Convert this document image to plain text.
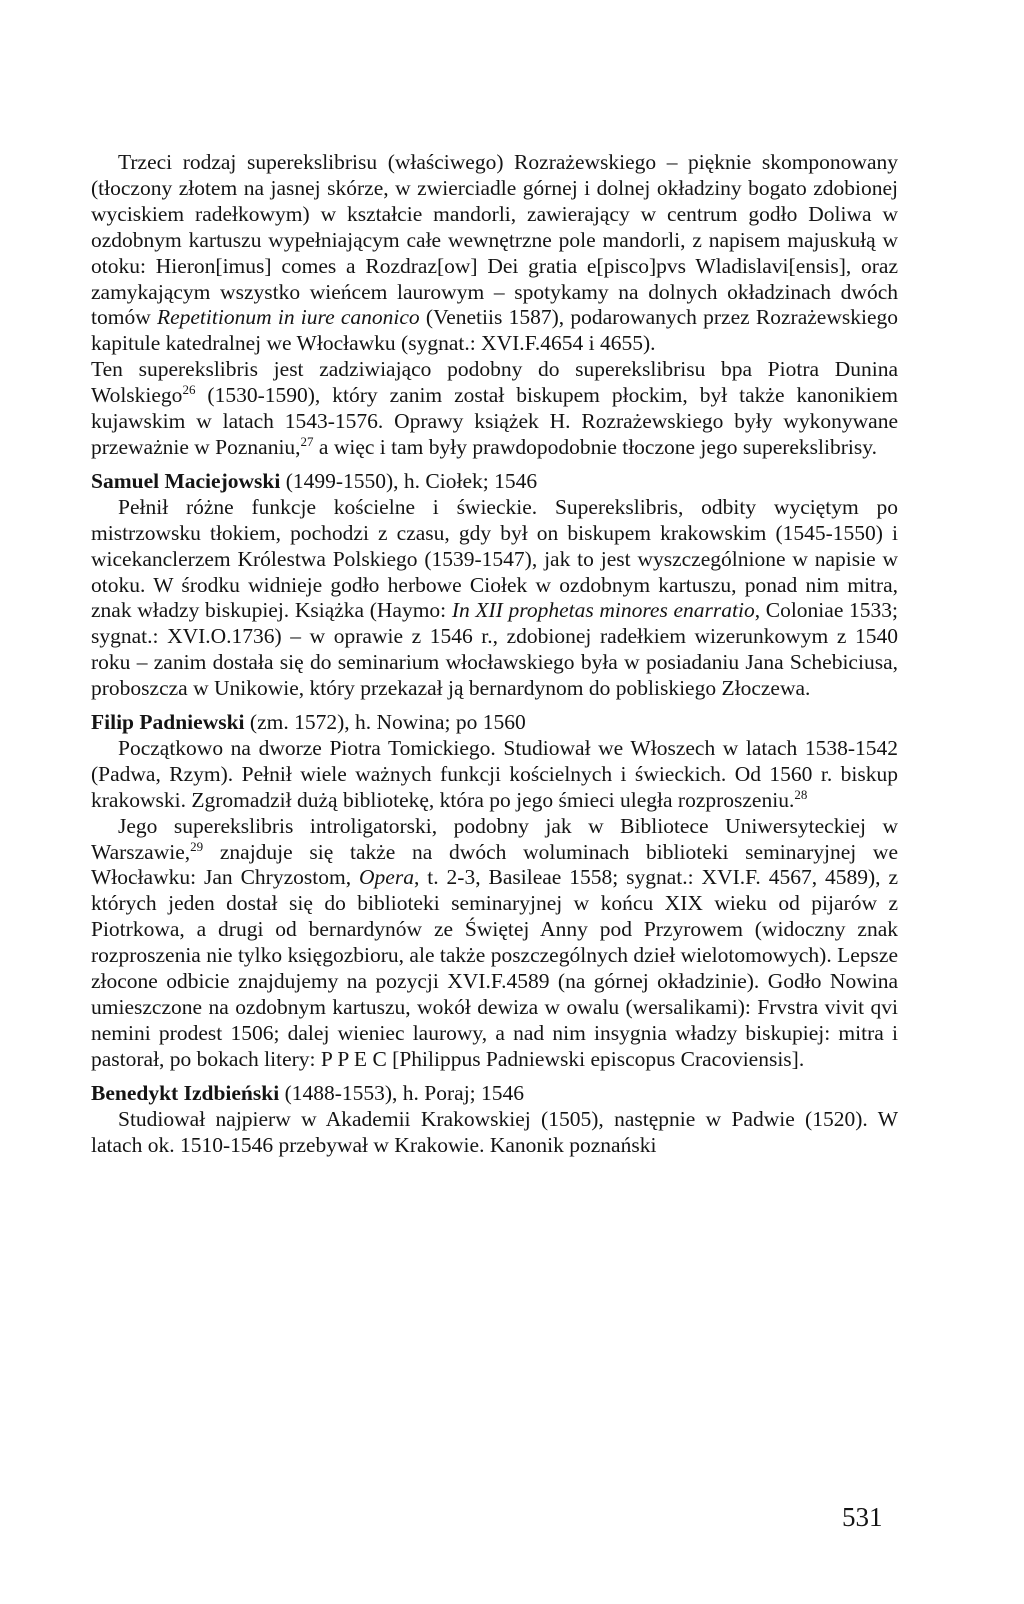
Trzeci rodzaj superekslibrisu (właściwego) Rozrażewskiego – pięknie skomponowany (tłoczony złotem na jasnej skórze, w zwierciadle górnej i dolnej okładziny bogato zdobionej wyciskiem radełkowym) w kształcie mandorli, zawierający w centrum godło Doliwa w ozdobnym kartuszu wypełniającym całe wewnętrzne pole mandorli, z napisem majuskułą w otoku: Hieron[imus] comes a Rozdraz[ow] Dei gratia e[pisco]pvs Wladislavi[ensis], oraz zamykającym wszystko wieńcem laurowym – spotykamy na dolnych okładzinach dwóch tomów Repetitionum in iure canonico (Venetiis 1587), podarowanych przez Rozrażewskiego kapitule katedralnej we Włocławku (sygnat.: XVI.F.4654 i 4655).

Ten superekslibris jest zadziwiająco podobny do superekslibrisu bpa Piotra Dunina Wolskiego$^{26}$ (1530-1590), który zanim został biskupem płockim, był także kanonikiem kujawskim w latach 1543-1576. Oprawy książek H. Rozrażewskiego były wykonywane przeważnie w Poznaniu,$^{27}$ a więc i tam były prawdopodobnie tłoczone jego superekslibrisy.

Samuel Maciejowski (1499-1550), h. Ciołek; 1546

Pełnił różne funkcje kościelne i świeckie. Superekslibris, odbity wyciętym po mistrzowsku tłokiem, pochodzi z czasu, gdy był on biskupem krakowskim (1545-1550) i wicekanclerzem Królestwa Polskiego (1539-1547), jak to jest wyszczególnione w napisie w otoku. W środku widnieje godło herbowe Ciołek w ozdobnym kartuszu, ponad nim mitra, znak władzy biskupiej. Książka (Haymo: In XII prophetas minores enarratio, Coloniae 1533; sygnat.: XVI.O.1736) – w oprawie z 1546 r., zdobionej radełkiem wizerunkowym z 1540 roku – zanim dostała się do seminarium włocławskiego była w posiadaniu Jana Schebiciusa, proboszcza w Unikowie, który przekazał ją bernardynom do pobliskiego Złoczewa.

Filip Padniewski (zm. 1572), h. Nowina; po 1560

Początkowo na dworze Piotra Tomickiego. Studiował we Włoszech w latach 1538-1542 (Padwa, Rzym). Pełnił wiele ważnych funkcji kościelnych i świeckich. Od 1560 r. biskup krakowski. Zgromadził dużą bibliotekę, która po jego śmieci uległa rozproszeniu.$^{28}$

Jego superekslibris introligatorski, podobny jak w Bibliotece Uniwersyteckiej w Warszawie,$^{29}$ znajduje się także na dwóch woluminach biblioteki seminaryjnej we Włocławku: Jan Chryzostom, Opera, t. 2-3, Basileae 1558; sygnat.: XVI.F. 4567, 4589), z których jeden dostał się do biblioteki seminaryjnej w końcu XIX wieku od pijarów z Piotrkowa, a drugi od bernardynów ze Świętej Anny pod Przyrowem (widoczny znak rozproszenia nie tylko księgozbioru, ale także poszczególnych dzieł wielotomowych). Lepsze złocone odbicie znajdujemy na pozycji XVI.F.4589 (na górnej okładzinie). Godło Nowina umieszczone na ozdobnym kartuszu, wokół dewiza w owalu (wersalikami): Frvstra vivit qvi nemini prodest 1506; dalej wieniec laurowy, a nad nim insygnia władzy biskupiej: mitra i pastorał, po bokach litery: P P E C [Philippus Padniewski episcopus Cracoviensis].

Benedykt Izdbieński (1488-1553), h. Poraj; 1546

Studiował najpierw w Akademii Krakowskiej (1505), następnie w Padwie (1520). W latach ok. 1510-1546 przebywał w Krakowie. Kanonik poznański

531
